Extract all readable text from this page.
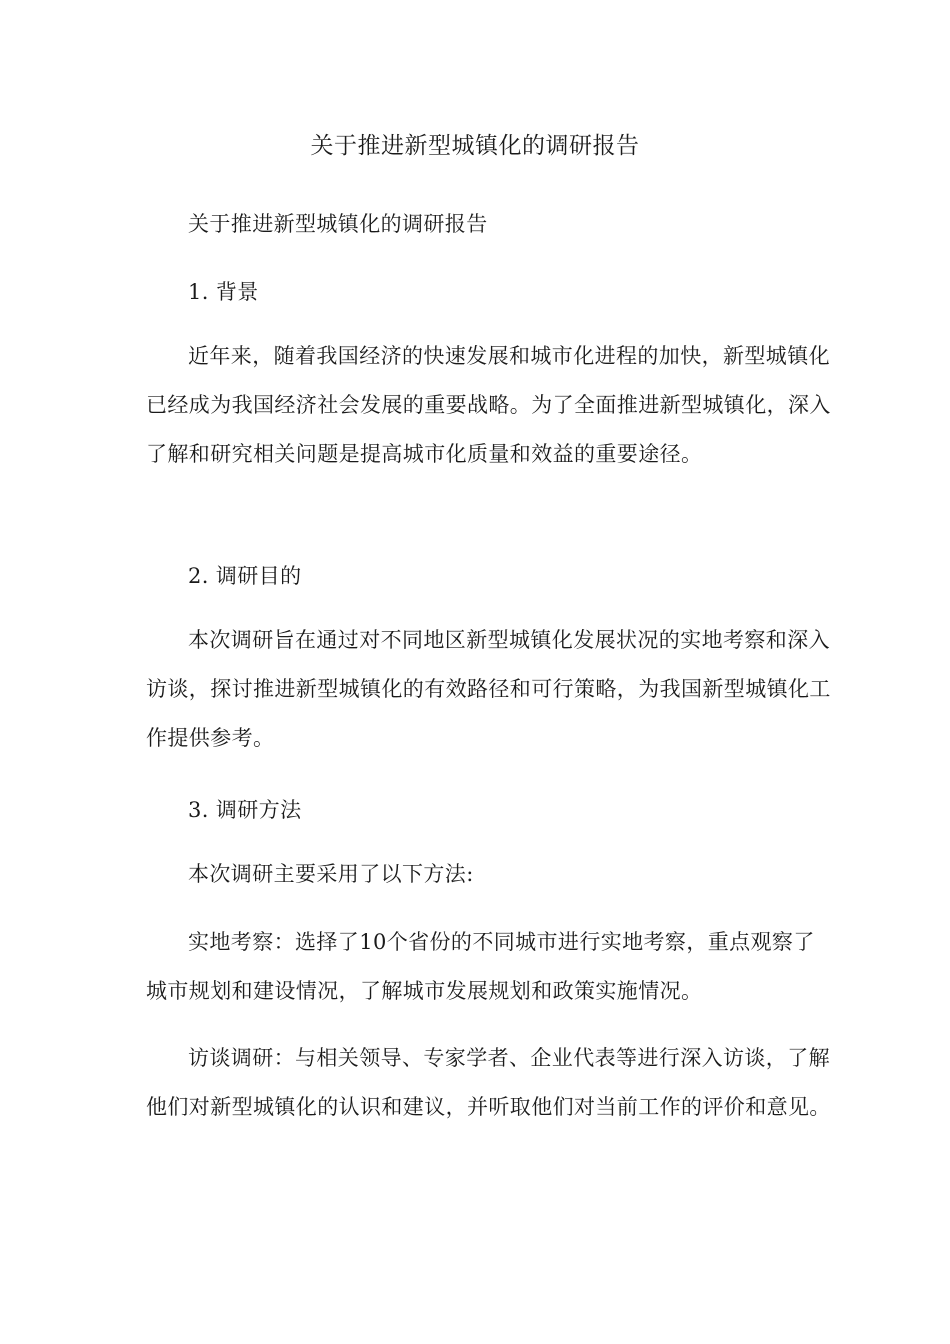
关于推进新型城镇化的调研报告
关于推进新型城镇化的调研报告
1. 背景

近年来，随着我国经济的快速发展和城市化进程的加快，新型城镇化已经成为我国经济社会发展的重要战略。为了全面推进新型城镇化，深入了解和研究相关问题是提高城市化质量和效益的重要途径。

2. 调研目的

本次调研旨在通过对不同地区新型城镇化发展状况的实地考察和深入访谈，探讨推进新型城镇化的有效路径和可行策略，为我国新型城镇化工作提供参考。

3. 调研方法

本次调研主要采用了以下方法:

实地考察：选择了10个省份的不同城市进行实地考察，重点观察了城市规划和建设情况，了解城市发展规划和政策实施情况。

访谈调研：与相关领导、专家学者、企业代表等进行深入访谈，了解他们对新型城镇化的认识和建议，并听取他们对当前工作的评价和意见。
